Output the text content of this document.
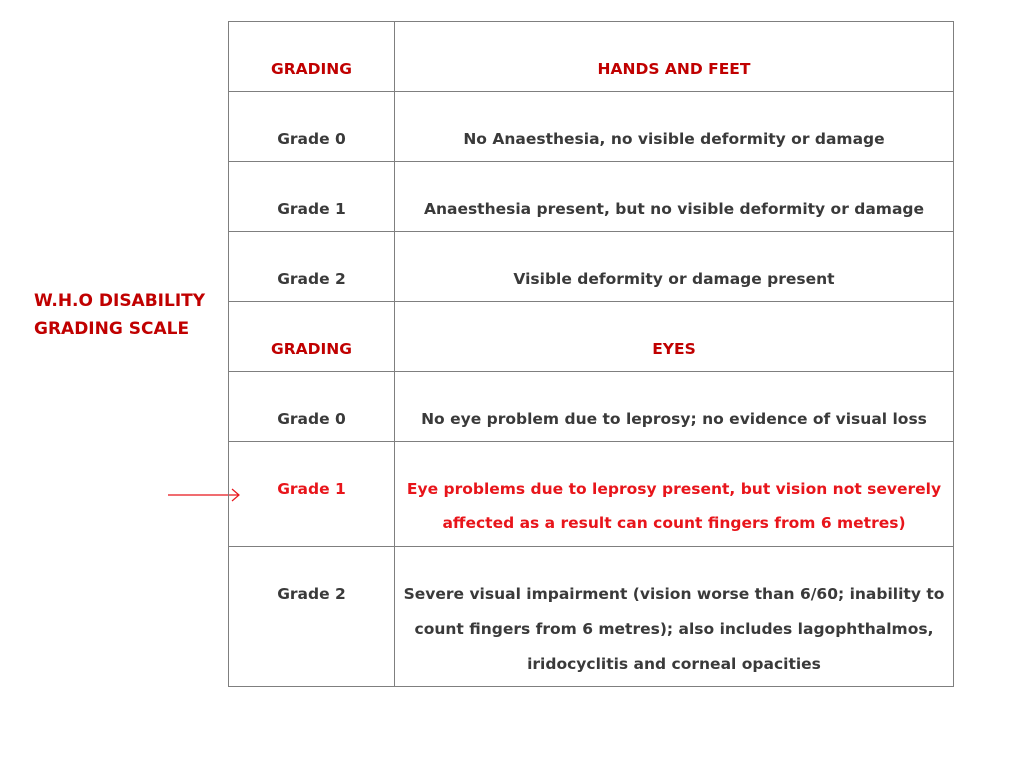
W.H.O DISABILITY
GRADING SCALE
GRADING	HANDS AND FEET
Grade 0	No Anaesthesia, no visible deformity or damage
Grade 1	Anaesthesia present, but no visible deformity or damage
Grade 2	Visible deformity or damage present
GRADING	EYES
Grade 0	No eye problem due to leprosy; no evidence of visual loss
Grade 1	Eye problems due to leprosy present, but vision not severely affected as a result can count fingers from 6 metres)
Grade 2	Severe visual impairment (vision worse than 6/60; inability to count fingers from 6 metres); also includes lagophthalmos, iridocyclitis and corneal opacities
